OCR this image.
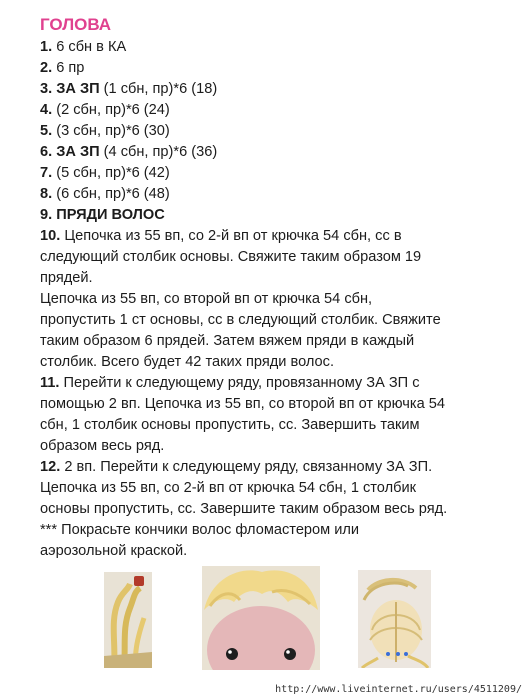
ГОЛОВА

1. 6 сбн в КА

2. 6 пр

3. ЗА ЗП (1 сбн, пр)*6 (18)

4. (2 сбн, пр)*6 (24)

5. (3 сбн, пр)*6 (30)

6. ЗА ЗП (4 сбн, пр)*6 (36)

7. (5 сбн, пр)*6 (42)

8. (6 сбн, пр)*6 (48)

9. ПРЯДИ ВОЛОС

10. Цепочка из 55 вп, со 2-й вп от крючка 54 сбн, сс в

следующий столбик основы. Свяжите таким образом 19

прядей.

Цепочка из 55 вп, со второй вп от крючка 54 сбн,

пропустить 1 ст основы, сс в следующий столбик. Свяжите

таким образом 6 прядей. Затем вяжем пряди в каждый

столбик. Всего будет 42 таких пряди волос.

11. Перейти к следующему ряду, провязанному ЗА ЗП с

помощью 2 вп. Цепочка из 55 вп, со второй вп от крючка 54

сбн, 1 столбик основы пропустить, сс. Завершить таким

образом весь ряд.

12. 2 вп. Перейти к следующему ряду, связанному ЗА ЗП.

Цепочка из 55 вп, со 2-й вп от крючка 54 сбн, 1 столбик

основы пропустить, сс. Завершите таким образом весь ряд.

*** Покрасьте кончики волос фломастером или

аэрозольной краской.

http://www.liveinternet.ru/users/4511209/
